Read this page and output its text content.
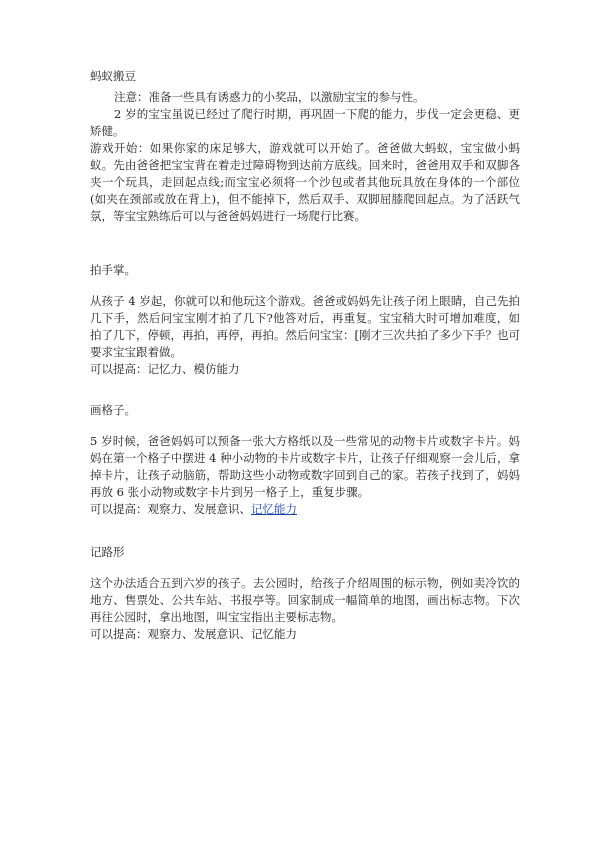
蚂蚁搬豆

注意：准备一些具有诱惑力的小奖品，以激励宝宝的参与性。

2 岁的宝宝虽说已经过了爬行时期，再巩固一下爬的能力，步伐一定会更稳、更矫健。

游戏开始：如果你家的床足够大，游戏就可以开始了。爸爸做大蚂蚁，宝宝做小蚂蚁。先由爸爸把宝宝背在着走过障碍物到达前方底线。回来时，爸爸用双手和双脚各夹一个玩具，走回起点线;而宝宝必须将一个沙包或者其他玩具放在身体的一个部位(如夹在颈部或放在背上)，但不能掉下，然后双手、双脚屈膝爬回起点。为了活跃气氛，等宝宝熟练后可以与爸爸妈妈进行一场爬行比赛。

拍手掌。

从孩子 4 岁起，你就可以和他玩这个游戏。爸爸或妈妈先让孩子闭上眼睛，自己先拍几下手，然后问宝宝刚才拍了几下?他答对后，再重复。宝宝稍大时可增加难度，如拍了几下，停顿，再拍，再停，再拍。然后问宝宝：[刚才三次共拍了多少下手？也可要求宝宝跟着做。

可以提高：记忆力、模仿能力

画格子。

5 岁时候，爸爸妈妈可以预备一张大方格纸以及一些常见的动物卡片或数字卡片。妈妈在第一个格子中摆进 4 种小动物的卡片或数字卡片，让孩子仔细观察一会儿后，拿掉卡片，让孩子动脑筋，帮助这些小动物或数字回到自己的家。若孩子找到了，妈妈再放 6 张小动物或数字卡片到另一格子上，重复步骤。

可以提高：观察力、发展意识、记忆能力

记路形

这个办法适合五到六岁的孩子。去公园时，给孩子介绍周围的标示物，例如卖冷饮的地方、售票处、公共车站、书报亭等。回家制成一幅简单的地图，画出标志物。下次再往公园时，拿出地图，叫宝宝指出主要标志物。

可以提高：观察力、发展意识、记忆能力
